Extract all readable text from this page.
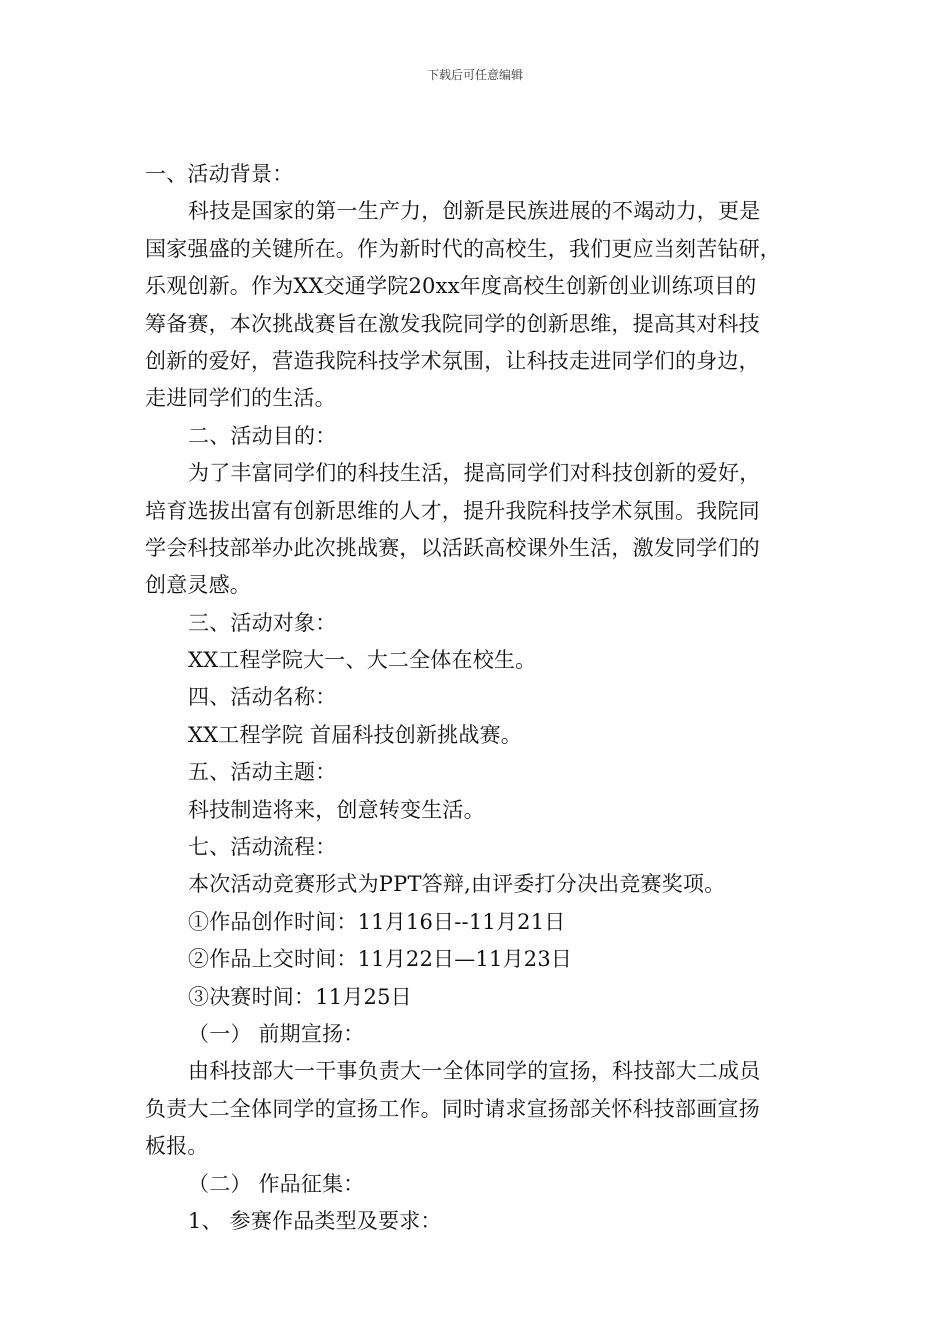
下载后可任意编辑
一、活动背景：
科技是国家的第一生产力，创新是民族进展的不竭动力，更是
国家强盛的关键所在。作为新时代的高校生，我们更应当刻苦钻研，
乐观创新。作为XX交通学院20xx年度高校生创新创业训练项目的
筹备赛，本次挑战赛旨在激发我院同学的创新思维，提高其对科技
创新的爱好，营造我院科技学术氛围，让科技走进同学们的身边，
走进同学们的生活。
二、活动目的：
为了丰富同学们的科技生活，提高同学们对科技创新的爱好，
培育选拔出富有创新思维的人才，提升我院科技学术氛围。我院同
学会科技部举办此次挑战赛，以活跃高校课外生活，激发同学们的
创意灵感。
三、活动对象：
XX工程学院大一、大二全体在校生。
四、活动名称：
XX工程学院 首届科技创新挑战赛。
五、活动主题：
科技制造将来，创意转变生活。
七、活动流程：
本次活动竞赛形式为PPT答辩,由评委打分决出竞赛奖项。
①作品创作时间：11月16日--11月21日
②作品上交时间：11月22日—11月23日
③决赛时间：11月25日
（一） 前期宣扬：
由科技部大一干事负责大一全体同学的宣扬，科技部大二成员
负责大二全体同学的宣扬工作。同时请求宣扬部关怀科技部画宣扬
板报。
（二） 作品征集：
1、 参赛作品类型及要求：
